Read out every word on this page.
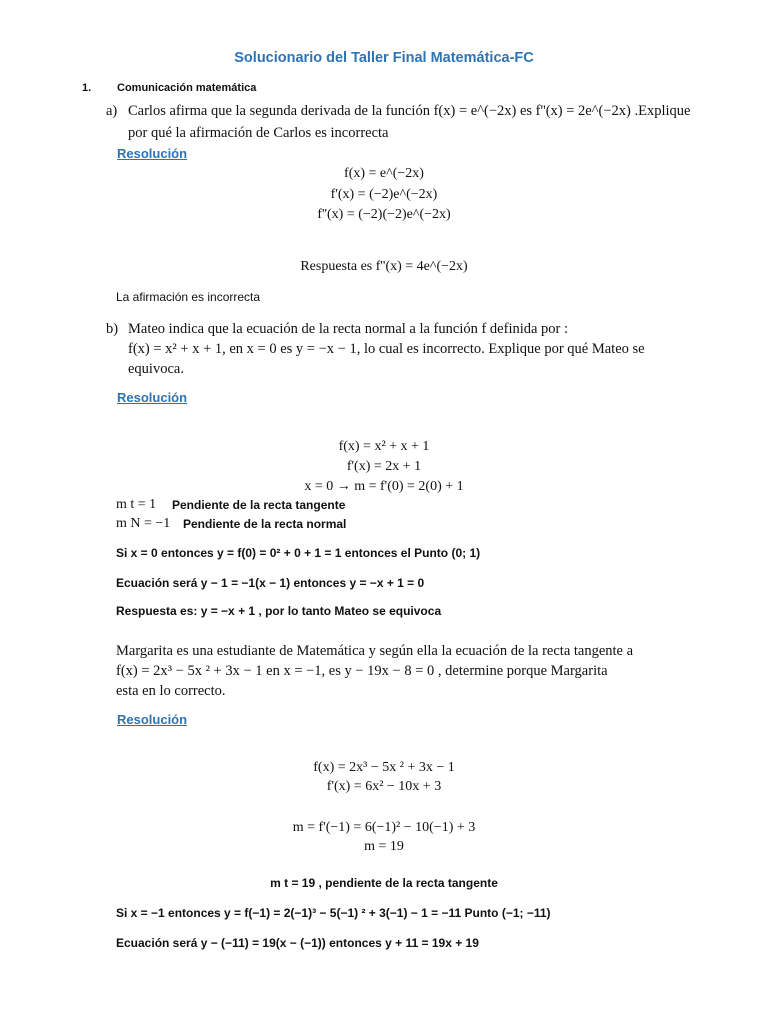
Solucionario del Taller Final Matemática-FC
1. Comunicación matemática
a) Carlos afirma que la segunda derivada de la función f(x) = e^(−2x) es f''(x) = 2e^(−2x) .Explique
por qué la afirmación de Carlos es incorrecta
Resolución
f(x) = e^(−2x)
f'(x) = (−2)e^(−2x)
f''(x) = (−2)(−2)e^(−2x)
Respuesta es f''(x) = 4e^(−2x)
La afirmación es incorrecta
b) Mateo indica que la ecuación de la recta normal a la función f definida por :
f(x) = x² + x + 1, en x = 0 es y = −x − 1, lo cual es incorrecto. Explique por qué Mateo se
equivoca.
Resolución
f(x) = x² + x + 1
f'(x) = 2x + 1
x = 0 → m = f'(0) = 2(0) + 1
m t = 1 Pendiente de la recta tangente
m N = −1 Pendiente de la recta normal
Si x = 0 entonces y = f(0) = 0² + 0 + 1 = 1 entonces el Punto (0; 1)
Ecuación será y − 1 = −1(x − 1) entonces y = −x + 1 = 0
Respuesta es: y = −x + 1 , por lo tanto Mateo se equivoca
Margarita es una estudiante de Matemática y según ella la ecuación de la recta tangente a
f(x) = 2x³ − 5x ² + 3x − 1 en x = −1, es y − 19x − 8 = 0 , determine porque Margarita
esta en lo correcto.
Resolución
f(x) = 2x³ − 5x ² + 3x − 1
f'(x) = 6x² − 10x + 3
m = f'(−1) = 6(−1)² − 10(−1) + 3
m = 19
m t = 19 , pendiente de la recta tangente
Si x = −1 entonces y = f(−1) = 2(−1)³ − 5(−1) ² + 3(−1) − 1 = −11 Punto (−1; −11)
Ecuación será y − (−11) = 19(x − (−1)) entonces y + 11 = 19x + 19
